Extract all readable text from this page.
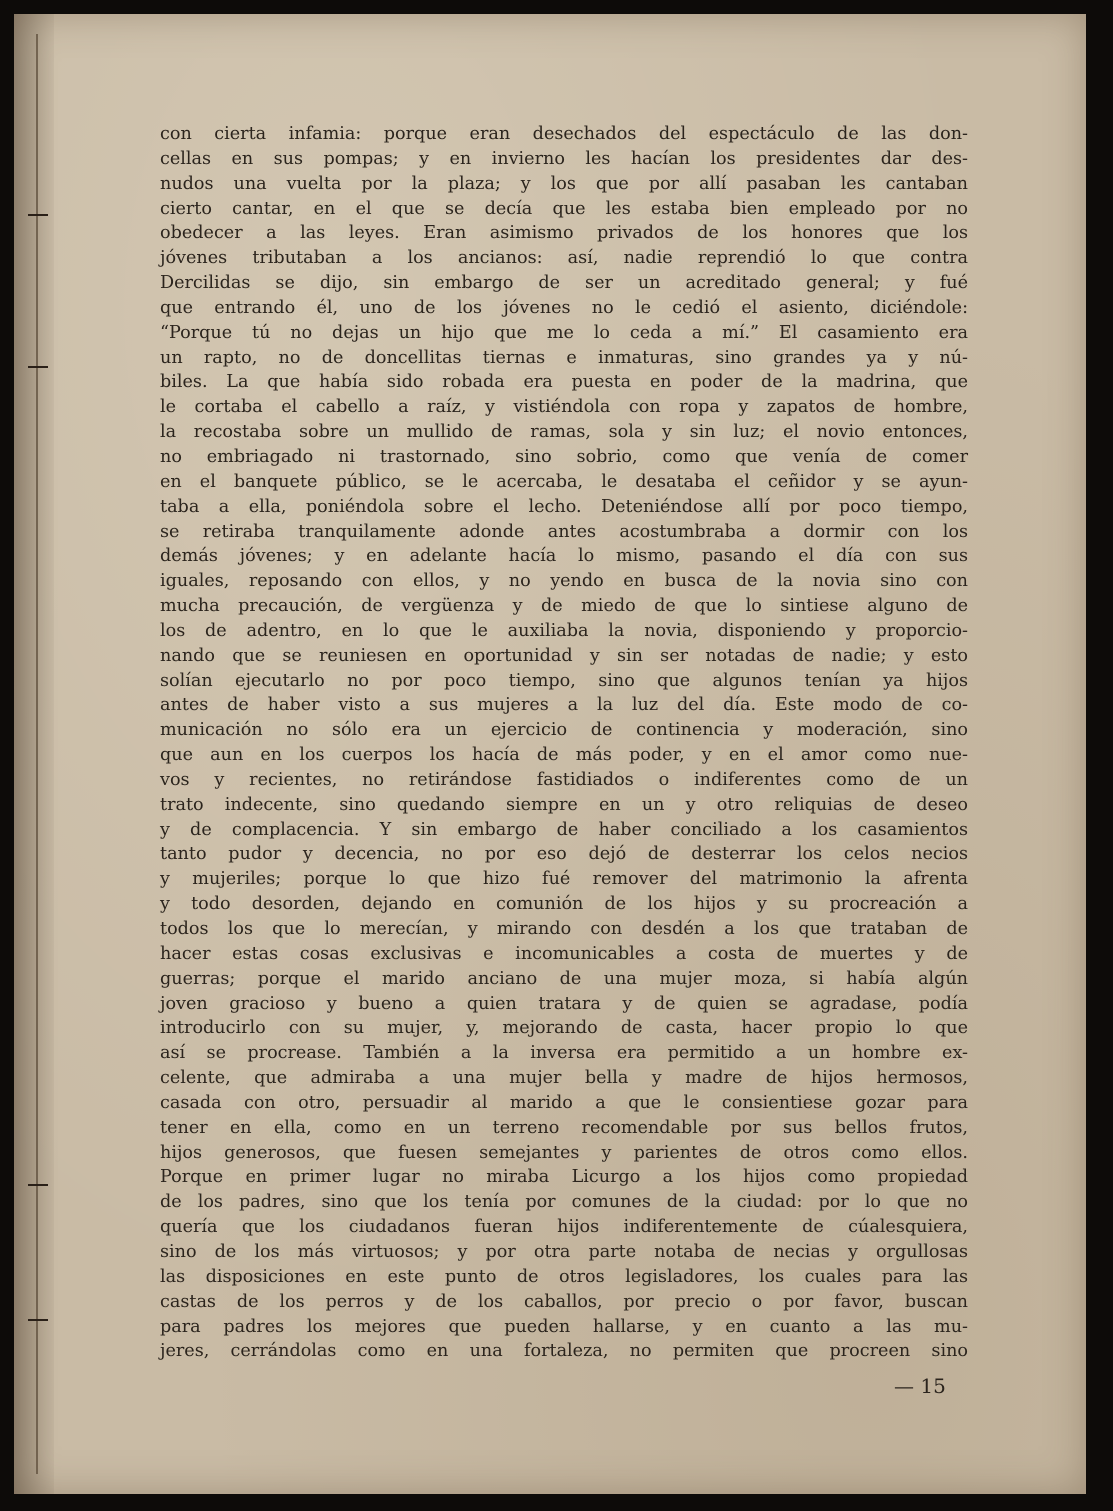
con cierta infamia: porque eran desechados del espectáculo de las don-
cellas en sus pompas; y en invierno les hacían los presidentes dar des-
nudos una vuelta por la plaza; y los que por allí pasaban les cantaban
cierto cantar, en el que se decía que les estaba bien empleado por no
obedecer a las leyes. Eran asimismo privados de los honores que los
jóvenes tributaban a los ancianos: así, nadie reprendió lo que contra
Dercilidas se dijo, sin embargo de ser un acreditado general; y fué
que entrando él, uno de los jóvenes no le cedió el asiento, diciéndole:
“Porque tú no dejas un hijo que me lo ceda a mí.” El casamiento era
un rapto, no de doncellitas tiernas e inmaturas, sino grandes ya y nú-
biles. La que había sido robada era puesta en poder de la madrina, que
le cortaba el cabello a raíz, y vistiéndola con ropa y zapatos de hombre,
la recostaba sobre un mullido de ramas, sola y sin luz; el novio entonces,
no embriagado ni trastornado, sino sobrio, como que venía de comer
en el banquete público, se le acercaba, le desataba el ceñidor y se ayun-
taba a ella, poniéndola sobre el lecho. Deteniéndose allí por poco tiempo,
se retiraba tranquilamente adonde antes acostumbraba a dormir con los
demás jóvenes; y en adelante hacía lo mismo, pasando el día con sus
iguales, reposando con ellos, y no yendo en busca de la novia sino con
mucha precaución, de vergüenza y de miedo de que lo sintiese alguno de
los de adentro, en lo que le auxiliaba la novia, disponiendo y proporcio-
nando que se reuniesen en oportunidad y sin ser notadas de nadie; y esto
solían ejecutarlo no por poco tiempo, sino que algunos tenían ya hijos
antes de haber visto a sus mujeres a la luz del día. Este modo de co-
municación no sólo era un ejercicio de continencia y moderación, sino
que aun en los cuerpos los hacía de más poder, y en el amor como nue-
vos y recientes, no retirándose fastidiados o indiferentes como de un
trato indecente, sino quedando siempre en un y otro reliquias de deseo
y de complacencia. Y sin embargo de haber conciliado a los casamientos
tanto pudor y decencia, no por eso dejó de desterrar los celos necios
y mujeriles; porque lo que hizo fué remover del matrimonio la afrenta
y todo desorden, dejando en comunión de los hijos y su procreación a
todos los que lo merecían, y mirando con desdén a los que trataban de
hacer estas cosas exclusivas e incomunicables a costa de muertes y de
guerras; porque el marido anciano de una mujer moza, si había algún
joven gracioso y bueno a quien tratara y de quien se agradase, podía
introducirlo con su mujer, y, mejorando de casta, hacer propio lo que
así se procrease. También a la inversa era permitido a un hombre ex-
celente, que admiraba a una mujer bella y madre de hijos hermosos,
casada con otro, persuadir al marido a que le consientiese gozar para
tener en ella, como en un terreno recomendable por sus bellos frutos,
hijos generosos, que fuesen semejantes y parientes de otros como ellos.
Porque en primer lugar no miraba Licurgo a los hijos como propiedad
de los padres, sino que los tenía por comunes de la ciudad: por lo que no
quería que los ciudadanos fueran hijos indiferentemente de cúalesquiera,
sino de los más virtuosos; y por otra parte notaba de necias y orgullosas
las disposiciones en este punto de otros legisladores, los cuales para las
castas de los perros y de los caballos, por precio o por favor, buscan
para padres los mejores que pueden hallarse, y en cuanto a las mu-
jeres, cerrándolas como en una fortaleza, no permiten que procreen sino
— 15
